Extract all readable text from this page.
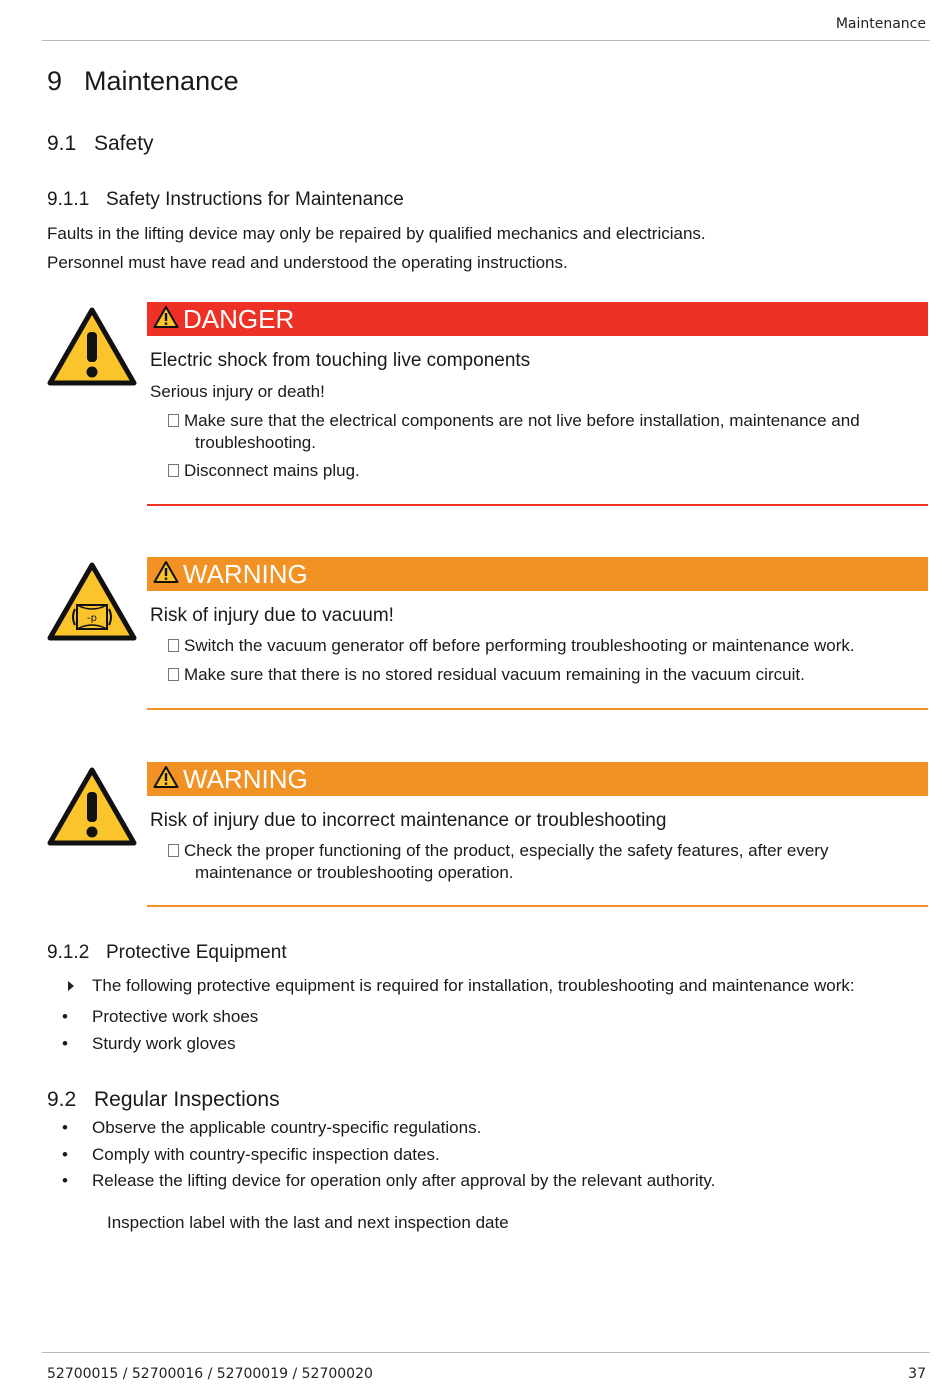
Maintenance
9 Maintenance
9.1 Safety
9.1.1 Safety Instructions for Maintenance
Faults in the lifting device may only be repaired by qualified mechanics and electricians.
Personnel must have read and understood the operating instructions.
DANGER
Electric shock from touching live components
Serious injury or death!
Make sure that the electrical components are not live before installation, maintenance and
troubleshooting.
Disconnect mains plug.
-p
WARNING
Risk of injury due to vacuum!
Switch the vacuum generator off before performing troubleshooting or maintenance work.
Make sure that there is no stored residual vacuum remaining in the vacuum circuit.
WARNING
Risk of injury due to incorrect maintenance or troubleshooting
Check the proper functioning of the product, especially the safety features, after every
maintenance or troubleshooting operation.
9.1.2 Protective Equipment
The following protective equipment is required for installation, troubleshooting and maintenance work:
• Protective work shoes
• Sturdy work gloves
9.2 Regular Inspections
• Observe the applicable country-specific regulations.
• Comply with country-specific inspection dates.
• Release the lifting device for operation only after approval by the relevant authority.
Inspection label with the last and next inspection date
52700015 / 52700016 / 52700019 / 52700020	37
